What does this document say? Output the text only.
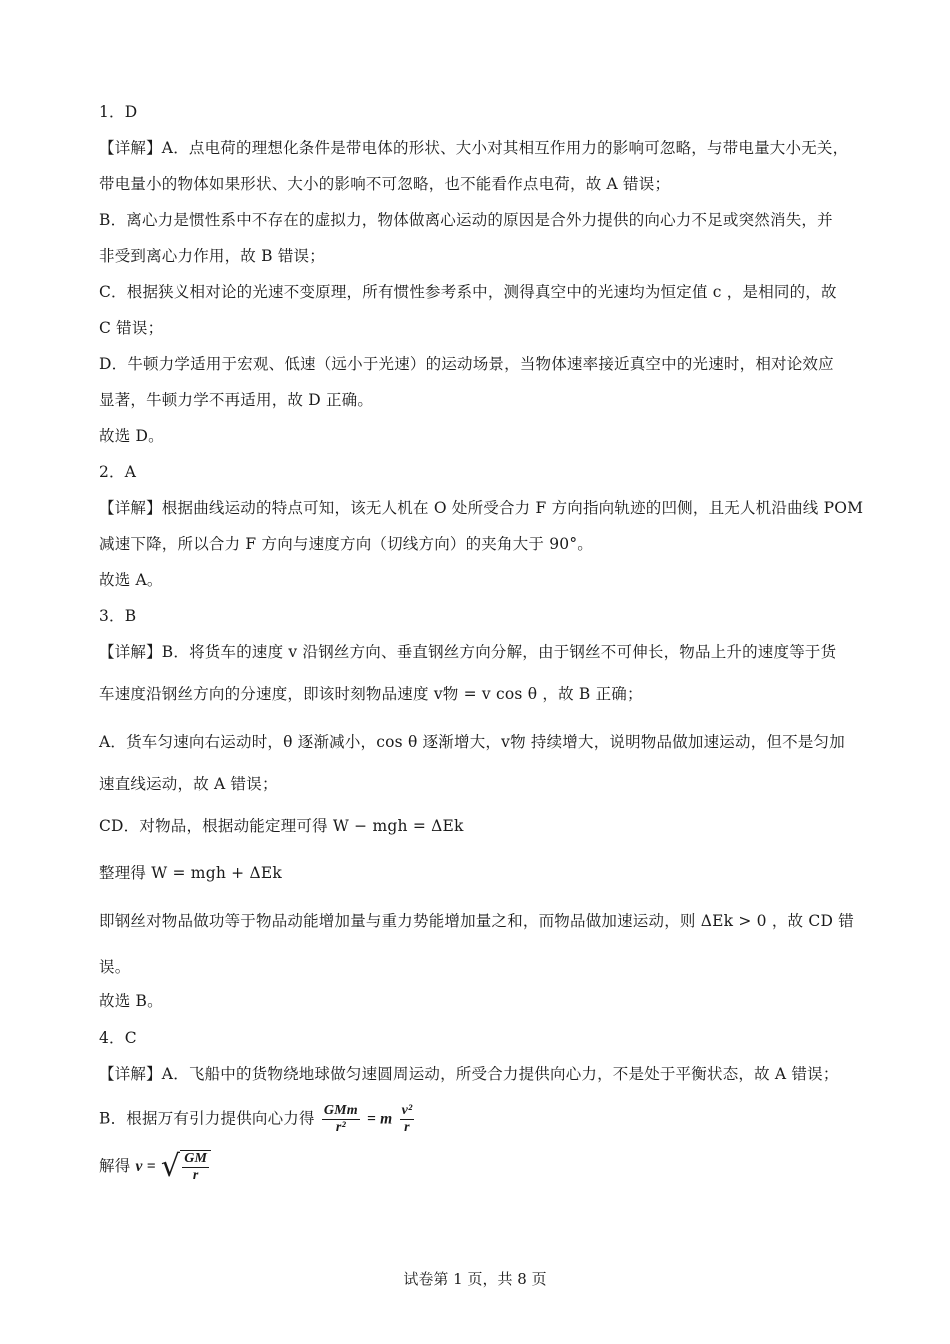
1．D
【详解】A．点电荷的理想化条件是带电体的形状、大小对其相互作用力的影响可忽略，与带电量大小无关，
带电量小的物体如果形状、大小的影响不可忽略，也不能看作点电荷，故 A 错误；
B．离心力是惯性系中不存在的虚拟力，物体做离心运动的原因是合外力提供的向心力不足或突然消失，并
非受到离心力作用，故 B 错误；
C．根据狭义相对论的光速不变原理，所有惯性参考系中，测得真空中的光速均为恒定值 c ，是相同的，故
C 错误；
D．牛顿力学适用于宏观、低速（远小于光速）的运动场景，当物体速率接近真空中的光速时，相对论效应
显著，牛顿力学不再适用，故 D 正确。
故选 D。
2．A
【详解】根据曲线运动的特点可知，该无人机在 O 处所受合力 F 方向指向轨迹的凹侧，且无人机沿曲线 POM
减速下降，所以合力 F 方向与速度方向（切线方向）的夹角大于 90°。
故选 A。
3．B
【详解】B．将货车的速度 v 沿钢丝方向、垂直钢丝方向分解，由于钢丝不可伸长，物品上升的速度等于货
车速度沿钢丝方向的分速度，即该时刻物品速度 v物 = v cos θ ，故 B 正确；
A．货车匀速向右运动时，θ 逐渐减小，cos θ 逐渐增大，v物 持续增大，说明物品做加速运动，但不是匀加
速直线运动，故 A 错误；
CD．对物品，根据动能定理可得 W − mgh = ΔEk
整理得 W = mgh + ΔEk
即钢丝对物品做功等于物品动能增加量与重力势能增加量之和，而物品做加速运动，则 ΔEk > 0 ，故 CD 错
误。
故选 B。
4．C
【详解】A．飞船中的货物绕地球做匀速圆周运动，所受合力提供向心力，不是处于平衡状态，故 A 错误；
B．根据万有引力提供向心力得 $\frac{\text{GMm}}{\text{r²}} = m \frac{\text{v²}}{r}$
解得 v = √ $\frac{GM}{r}$
试卷第 1 页，共 8 页
